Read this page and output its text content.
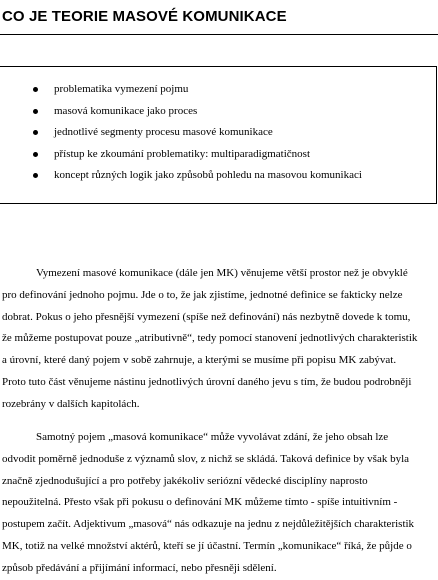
CO JE TEORIE MASOVÉ KOMUNIKACE
problematika vymezení pojmu
masová komunikace jako proces
jednotlivé segmenty procesu masové komunikace
přístup ke zkoumání problematiky: multiparadigmatičnost
koncept různých logik jako způsobů pohledu na masovou komunikaci

Vymezení masové komunikace (dále jen MK) věnujeme větší prostor než je obvyklé
pro definování jednoho pojmu. Jde o to, že jak zjistíme, jednotné definice se fakticky nelze
dobrat. Pokus o jeho přesnější vymezení (spíše než definování) nás nezbytně dovede k tomu,
že můžeme postupovat pouze „atributivně“, tedy pomocí stanovení jednotlivých charakteristik
a úrovní, které daný pojem v sobě zahrnuje, a kterými se musíme při popisu MK zabývat.
Proto tuto část věnujeme nástinu jednotlivých úrovní daného jevu s tím, že budou podrobněji
rozebrány v dalších kapitolách.

Samotný pojem „masová komunikace“ může vyvolávat zdání, že jeho obsah lze
odvodit poměrně jednoduše z významů slov, z nichž se skládá. Taková definice by však byla
značně zjednodušující a pro potřeby jakékoliv seriózní vědecké disciplíny naprosto
nepoužitelná. Přesto však při pokusu o definování MK můžeme tímto - spíše intuitivním -
postupem začít. Adjektivum „masová“ nás odkazuje na jednu z nejdůležitějších charakteristik
MK, totiž na velké množství aktérů, kteří se jí účastní. Termín „komunikace“ říká, že půjde o
způsob předávání a přijímání informací, nebo přesněji sdělení.
